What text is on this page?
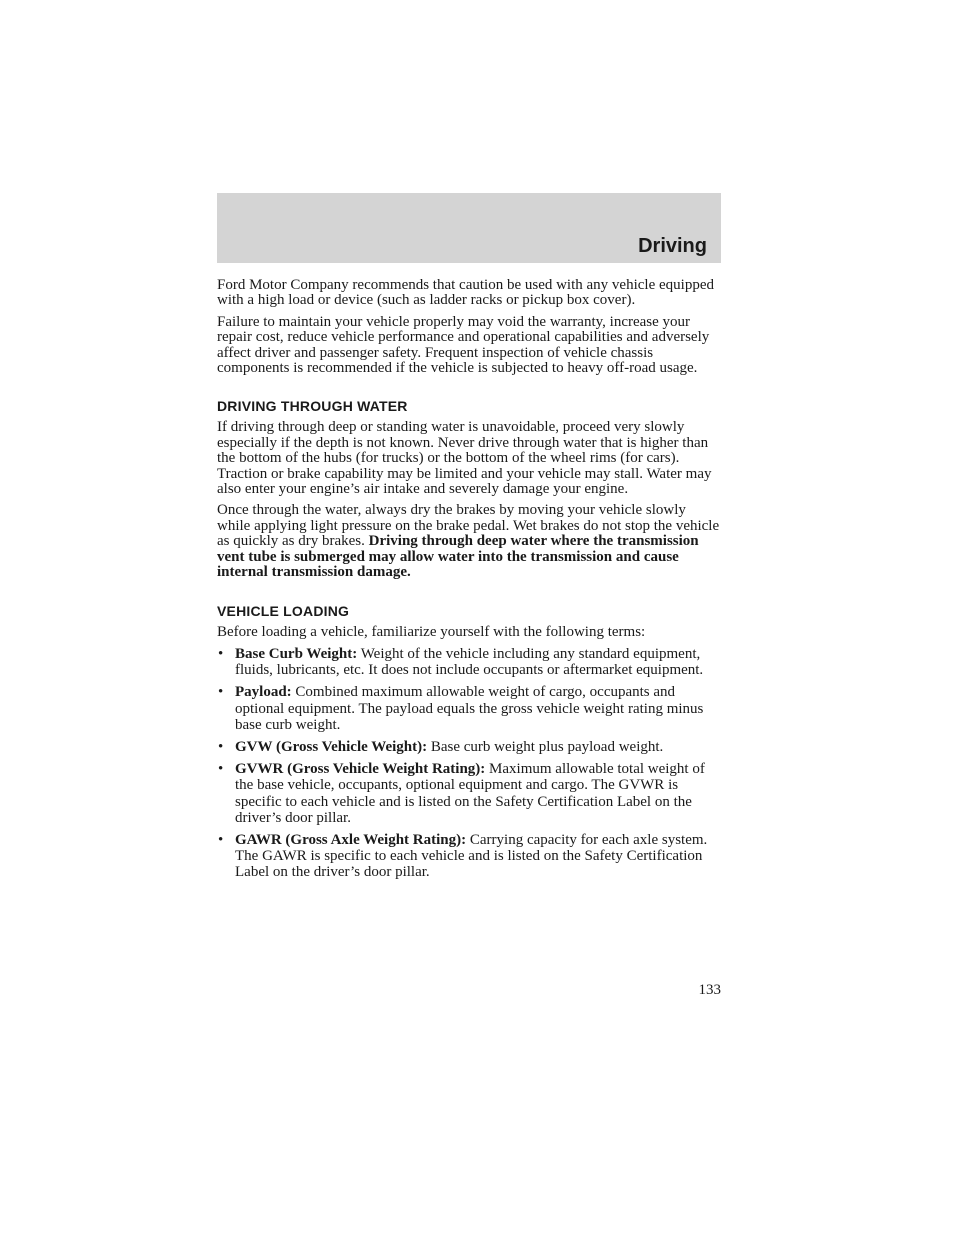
Driving

Ford Motor Company recommends that caution be used with any vehicle equipped with a high load or device (such as ladder racks or pickup box cover).

Failure to maintain your vehicle properly may void the warranty, increase your repair cost, reduce vehicle performance and operational capabilities and adversely affect driver and passenger safety. Frequent inspection of vehicle chassis components is recommended if the vehicle is subjected to heavy off-road usage.

DRIVING THROUGH WATER

If driving through deep or standing water is unavoidable, proceed very slowly especially if the depth is not known. Never drive through water that is higher than the bottom of the hubs (for trucks) or the bottom of the wheel rims (for cars). Traction or brake capability may be limited and your vehicle may stall. Water may also enter your engine’s air intake and severely damage your engine.

Once through the water, always dry the brakes by moving your vehicle slowly while applying light pressure on the brake pedal. Wet brakes do not stop the vehicle as quickly as dry brakes. Driving through deep water where the transmission vent tube is submerged may allow water into the transmission and cause internal transmission damage.

VEHICLE LOADING

Before loading a vehicle, familiarize yourself with the following terms:

• Base Curb Weight: Weight of the vehicle including any standard equipment, fluids, lubricants, etc. It does not include occupants or aftermarket equipment.
• Payload: Combined maximum allowable weight of cargo, occupants and optional equipment. The payload equals the gross vehicle weight rating minus base curb weight.
• GVW (Gross Vehicle Weight): Base curb weight plus payload weight.
• GVWR (Gross Vehicle Weight Rating): Maximum allowable total weight of the base vehicle, occupants, optional equipment and cargo. The GVWR is specific to each vehicle and is listed on the Safety Certification Label on the driver’s door pillar.
• GAWR (Gross Axle Weight Rating): Carrying capacity for each axle system. The GAWR is specific to each vehicle and is listed on the Safety Certification Label on the driver’s door pillar.
133
